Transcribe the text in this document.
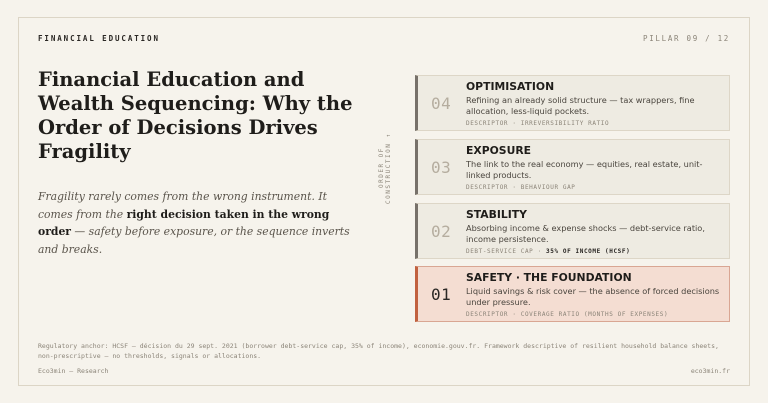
FINANCIAL EDUCATION	PILLAR 09 / 12
Financial Education and Wealth Sequencing: Why the Order of Decisions Drives Fragility
Fragility rarely comes from the wrong instrument. It comes from the right decision taken in the wrong order — safety before exposure, or the sequence inverts and breaks.
ORDER OF CONSTRUCTION ↑
04
OPTIMISATION
Refining an already solid structure — tax wrappers, fine allocation, less-liquid pockets.
DESCRIPTOR · IRREVERSIBILITY RATIO
03
EXPOSURE
The link to the real economy — equities, real estate, unit-linked products.
DESCRIPTOR · BEHAVIOUR GAP
02
STABILITY
Absorbing income & expense shocks — debt-service ratio, income persistence.
DEBT-SERVICE CAP · 35% OF INCOME (HCSF)
01
SAFETY · THE FOUNDATION
Liquid savings & risk cover — the absence of forced decisions under pressure.
DESCRIPTOR · COVERAGE RATIO (MONTHS OF EXPENSES)
Regulatory anchor: HCSF — décision du 29 sept. 2021 (borrower debt-service cap, 35% of income), economie.gouv.fr. Framework descriptive of resilient household balance sheets, non-prescriptive — no thresholds, signals or allocations.
Eco3min — Research	eco3min.fr
